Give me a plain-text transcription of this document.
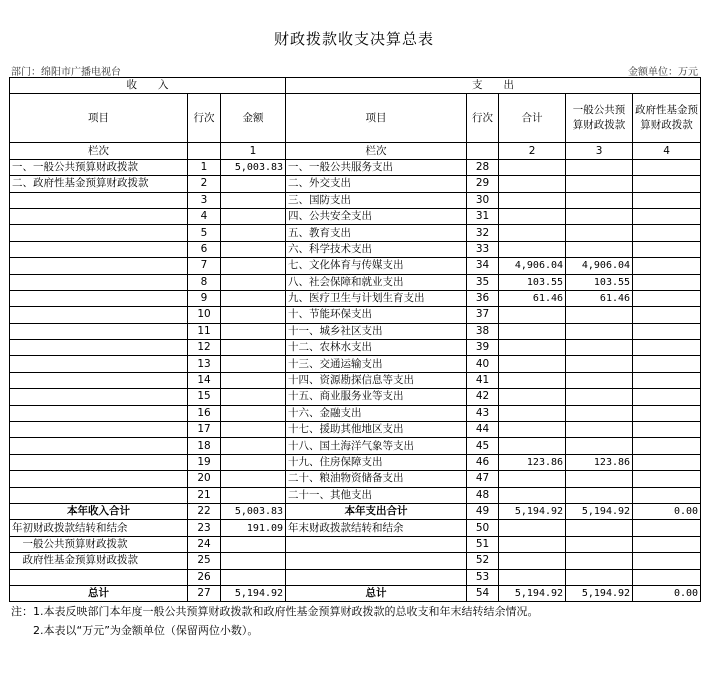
财政拨款收支决算总表
部门：绵阳市广播电视台	金额单位：万元
收　　入			支　　出				
项目	行次	金额	项目	行次	合计	一般公共预算财政拨款	政府性基金预算财政拨款
栏次		1	栏次		2	3	4
一、一般公共预算财政拨款	1	5,003.83	一、一般公共服务支出	28			
二、政府性基金预算财政拨款	2		二、外交支出	29			
	3		三、国防支出	30			
	4		四、公共安全支出	31			
	5		五、教育支出	32			
	6		六、科学技术支出	33			
	7		七、文化体育与传媒支出	34	4,906.04	4,906.04	
	8		八、社会保障和就业支出	35	103.55	103.55	
	9		九、医疗卫生与计划生育支出	36	61.46	61.46	
	10		十、节能环保支出	37			
	11		十一、城乡社区支出	38			
	12		十二、农林水支出	39			
	13		十三、交通运输支出	40			
	14		十四、资源勘探信息等支出	41			
	15		十五、商业服务业等支出	42			
	16		十六、金融支出	43			
	17		十七、援助其他地区支出	44			
	18		十八、国土海洋气象等支出	45			
	19		十九、住房保障支出	46	123.86	123.86	
	20		二十、粮油物资储备支出	47			
	21		二十一、其他支出	48			
本年收入合计	22	5,003.83	本年支出合计	49	5,194.92	5,194.92	0.00
年初财政拨款结转和结余	23	191.09	年末财政拨款结转和结余	50			
　一般公共预算财政拨款	24			51			
　政府性基金预算财政拨款	25			52			
	26			53			
总计	27	5,194.92	总计	54	5,194.92	5,194.92	0.00
注：1.本表反映部门本年度一般公共预算财政拨款和政府性基金预算财政拨款的总收支和年末结转结余情况。
2.本表以“万元”为金额单位（保留两位小数）。
